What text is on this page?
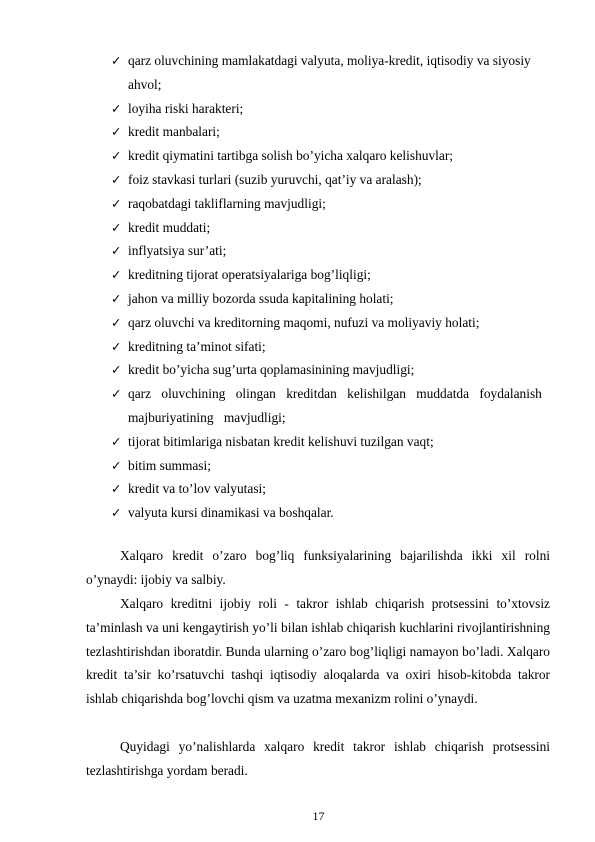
✓ qarz oluvchining mamlakatdagi valyuta, moliya-kredit, iqtisodiy va siyosiy ahvol;
✓ loyiha riski harakteri;
✓ kredit manbalari;
✓ kredit qiymatini tartibga solish bo’yicha xalqaro kelishuvlar;
✓ foiz stavkasi turlari (suzib yuruvchi, qat’iy va aralash);
✓ raqobatdagi takliflarning mavjudligi;
✓ kredit muddati;
✓ inflyatsiya sur’ati;
✓ kreditning tijorat operatsiyalariga bog’liqligi;
✓ jahon va milliy bozorda ssuda kapitalining holati;
✓ qarz oluvchi va kreditorning maqomi, nufuzi va moliyaviy holati;
✓ kreditning ta’minot sifati;
✓ kredit bo’yicha sug’urta qoplamasinining mavjudligi;
✓ qarz oluvchining olingan kreditdan kelishilgan muddatda foydalanish majburiyatining mavjudligi;
✓ tijorat bitimlariga nisbatan kredit kelishuvi tuzilgan vaqt;
✓ bitim summasi;
✓ kredit va to’lov valyutasi;
✓ valyuta kursi dinamikasi va boshqalar.

Xalqaro kredit o’zaro bog’liq funksiyalarining bajarilishda ikki xil rolni o’ynaydi: ijobiy va salbiy.

Xalqaro kreditni ijobiy roli - takror ishlab chiqarish protsessini to’xtovsiz ta’minlash va uni kengaytirish yo’li bilan ishlab chiqarish kuchlarini rivojlantirishning tezlashtirishdan iboratdir. Bunda ularning o’zaro bog’liqligi namayon bo’ladi. Xalqaro kredit ta’sir ko’rsatuvchi tashqi iqtisodiy aloqalarda va oxiri hisob-kitobda takror ishlab chiqarishda bog’lovchi qism va uzatma mexanizm rolini o’ynaydi.

Quyidagi yo’nalishlarda xalqaro kredit takror ishlab chiqarish protsessini tezlashtirishga yordam beradi.

17
